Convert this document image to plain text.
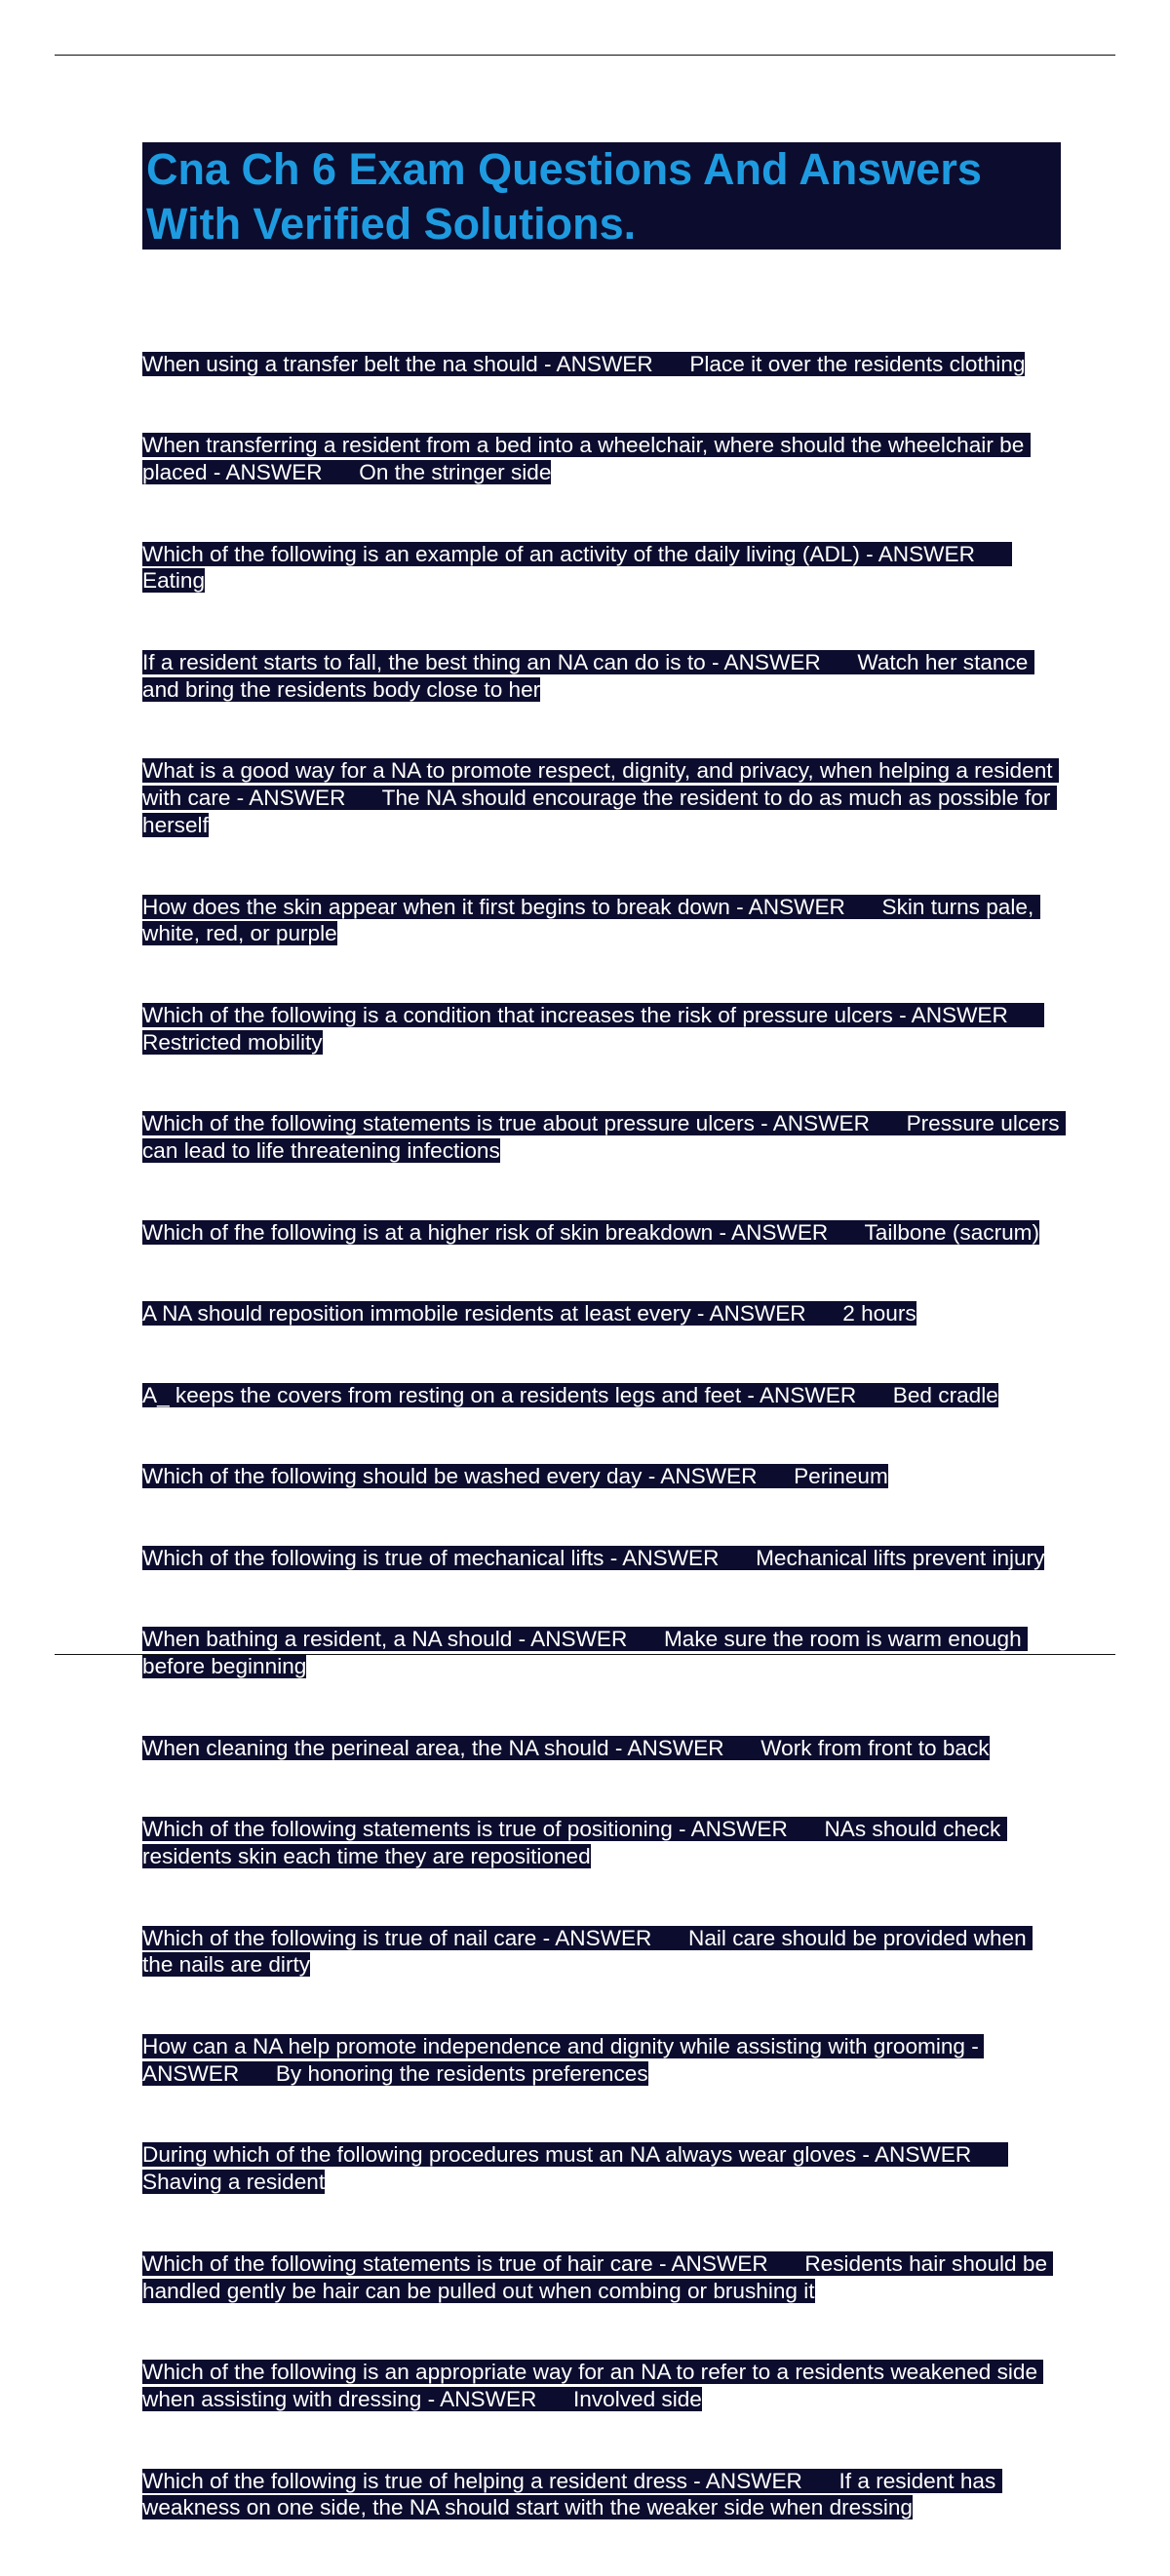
Cna Ch 6 Exam Questions And Answers With Verified Solutions.

When using a transfer belt the na should - ANSWER      Place it over the residents clothing

When transferring a resident from a bed into a wheelchair, where should the wheelchair be placed - ANSWER      On the stringer side

Which of the following is an example of an activity of the daily living (ADL) - ANSWER      Eating

If a resident starts to fall, the best thing an NA can do is to - ANSWER      Watch her stance and bring the residents body close to her

What is a good way for a NA to promote respect, dignity, and privacy, when helping a resident with care - ANSWER      The NA should encourage the resident to do as much as possible for herself

How does the skin appear when it first begins to break down - ANSWER      Skin turns pale, white, red, or purple

Which of the following is a condition that increases the risk of pressure ulcers - ANSWER      Restricted mobility

Which of the following statements is true about pressure ulcers - ANSWER      Pressure ulcers can lead to life threatening infections

Which of fhe following is at a higher risk of skin breakdown - ANSWER      Tailbone (sacrum)

A NA should reposition immobile residents at least every - ANSWER      2 hours

A_ keeps the covers from resting on a residents legs and feet - ANSWER      Bed cradle

Which of the following should be washed every day - ANSWER      Perineum

Which of the following is true of mechanical lifts - ANSWER      Mechanical lifts prevent injury

When bathing a resident, a NA should - ANSWER      Make sure the room is warm enough before beginning

When cleaning the perineal area, the NA should - ANSWER      Work from front to back

Which of the following statements is true of positioning - ANSWER      NAs should check residents skin each time they are repositioned

Which of the following is true of nail care - ANSWER      Nail care should be provided when the nails are dirty

How can a NA help promote independence and dignity while assisting with grooming - ANSWER      By honoring the residents preferences

During which of the following procedures must an NA always wear gloves - ANSWER      Shaving a resident

Which of the following statements is true of hair care - ANSWER      Residents hair should be handled gently be hair can be pulled out when combing or brushing it

Which of the following is an appropriate way for an NA to refer to a residents weakened side when assisting with dressing - ANSWER      Involved side

Which of the following is true of helping a resident dress - ANSWER      If a resident has weakness on one side, the NA should start with the weaker side when dressing
